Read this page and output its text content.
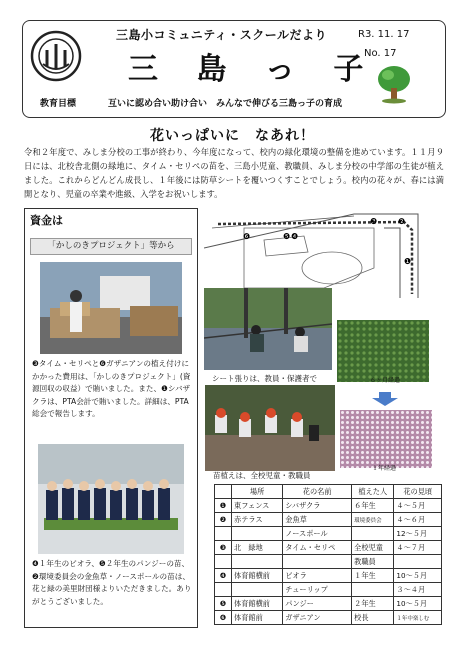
三島小コミュニティ・スクールだより
三 島 っ 子
R3. 11. 17
No. 17
教育目標	互いに認め合い助け合い　みんなで伸びる三島っ子の育成
花いっぱいに　なあれ！
令和２年度で、みしま分校の工事が終わり、今年度になって、校内の緑化環境の整備を進めています。１１月９日には、北校舎北側の緑地に、タイム・セリペの苗を、三島小児童、教職員、みしま分校の中学部の生徒が植えました。これからどんどん成長し、１年後には防草シートを覆いつくすことでしょう。校内の花々が、春には満開となり、児童の卒業や進級、入学をお祝いします。
資金は
「かしのきプロジェクト」等から
❸タイム・セリペと❻ガザニアンの植え付けにかかった費用は、「かしのきプロジェクト」(資源回収の収益）で賄いました。また、❶シバザクラは、PTA会計で賄いました。詳細は、PTA総会で報告します。
❹１年生のビオラ、❺２年生のパンジーの苗、❷環境委員会の金魚草・ノースポールの苗は、花と緑の美里財団様よりいただきました。ありがとうございました。
❻	❺ ❹
❸	❷
❶
シート張りは、教員・保護者で	６ヶ月経過
苗植えは、全校児童・教職員
１年経過
	場所	花の名前	植えた人	花の見頃
❶	東フェンス	シバザクラ	６年生	４～５月
❷	赤テラス	金魚草	環境委員会	４～６月
		ノースポール		12～５月
❸	北　緑地	タイム・セリペ	全校児童	４～７月
			教職員	
❹	体育館横前	ビオラ	１年生	10～５月
		チューリップ		３～４月
❺	体育館横前	パンジー	２年生	10～５月
❻	体育館前	ガザニアン	校長	１年中楽しむ
